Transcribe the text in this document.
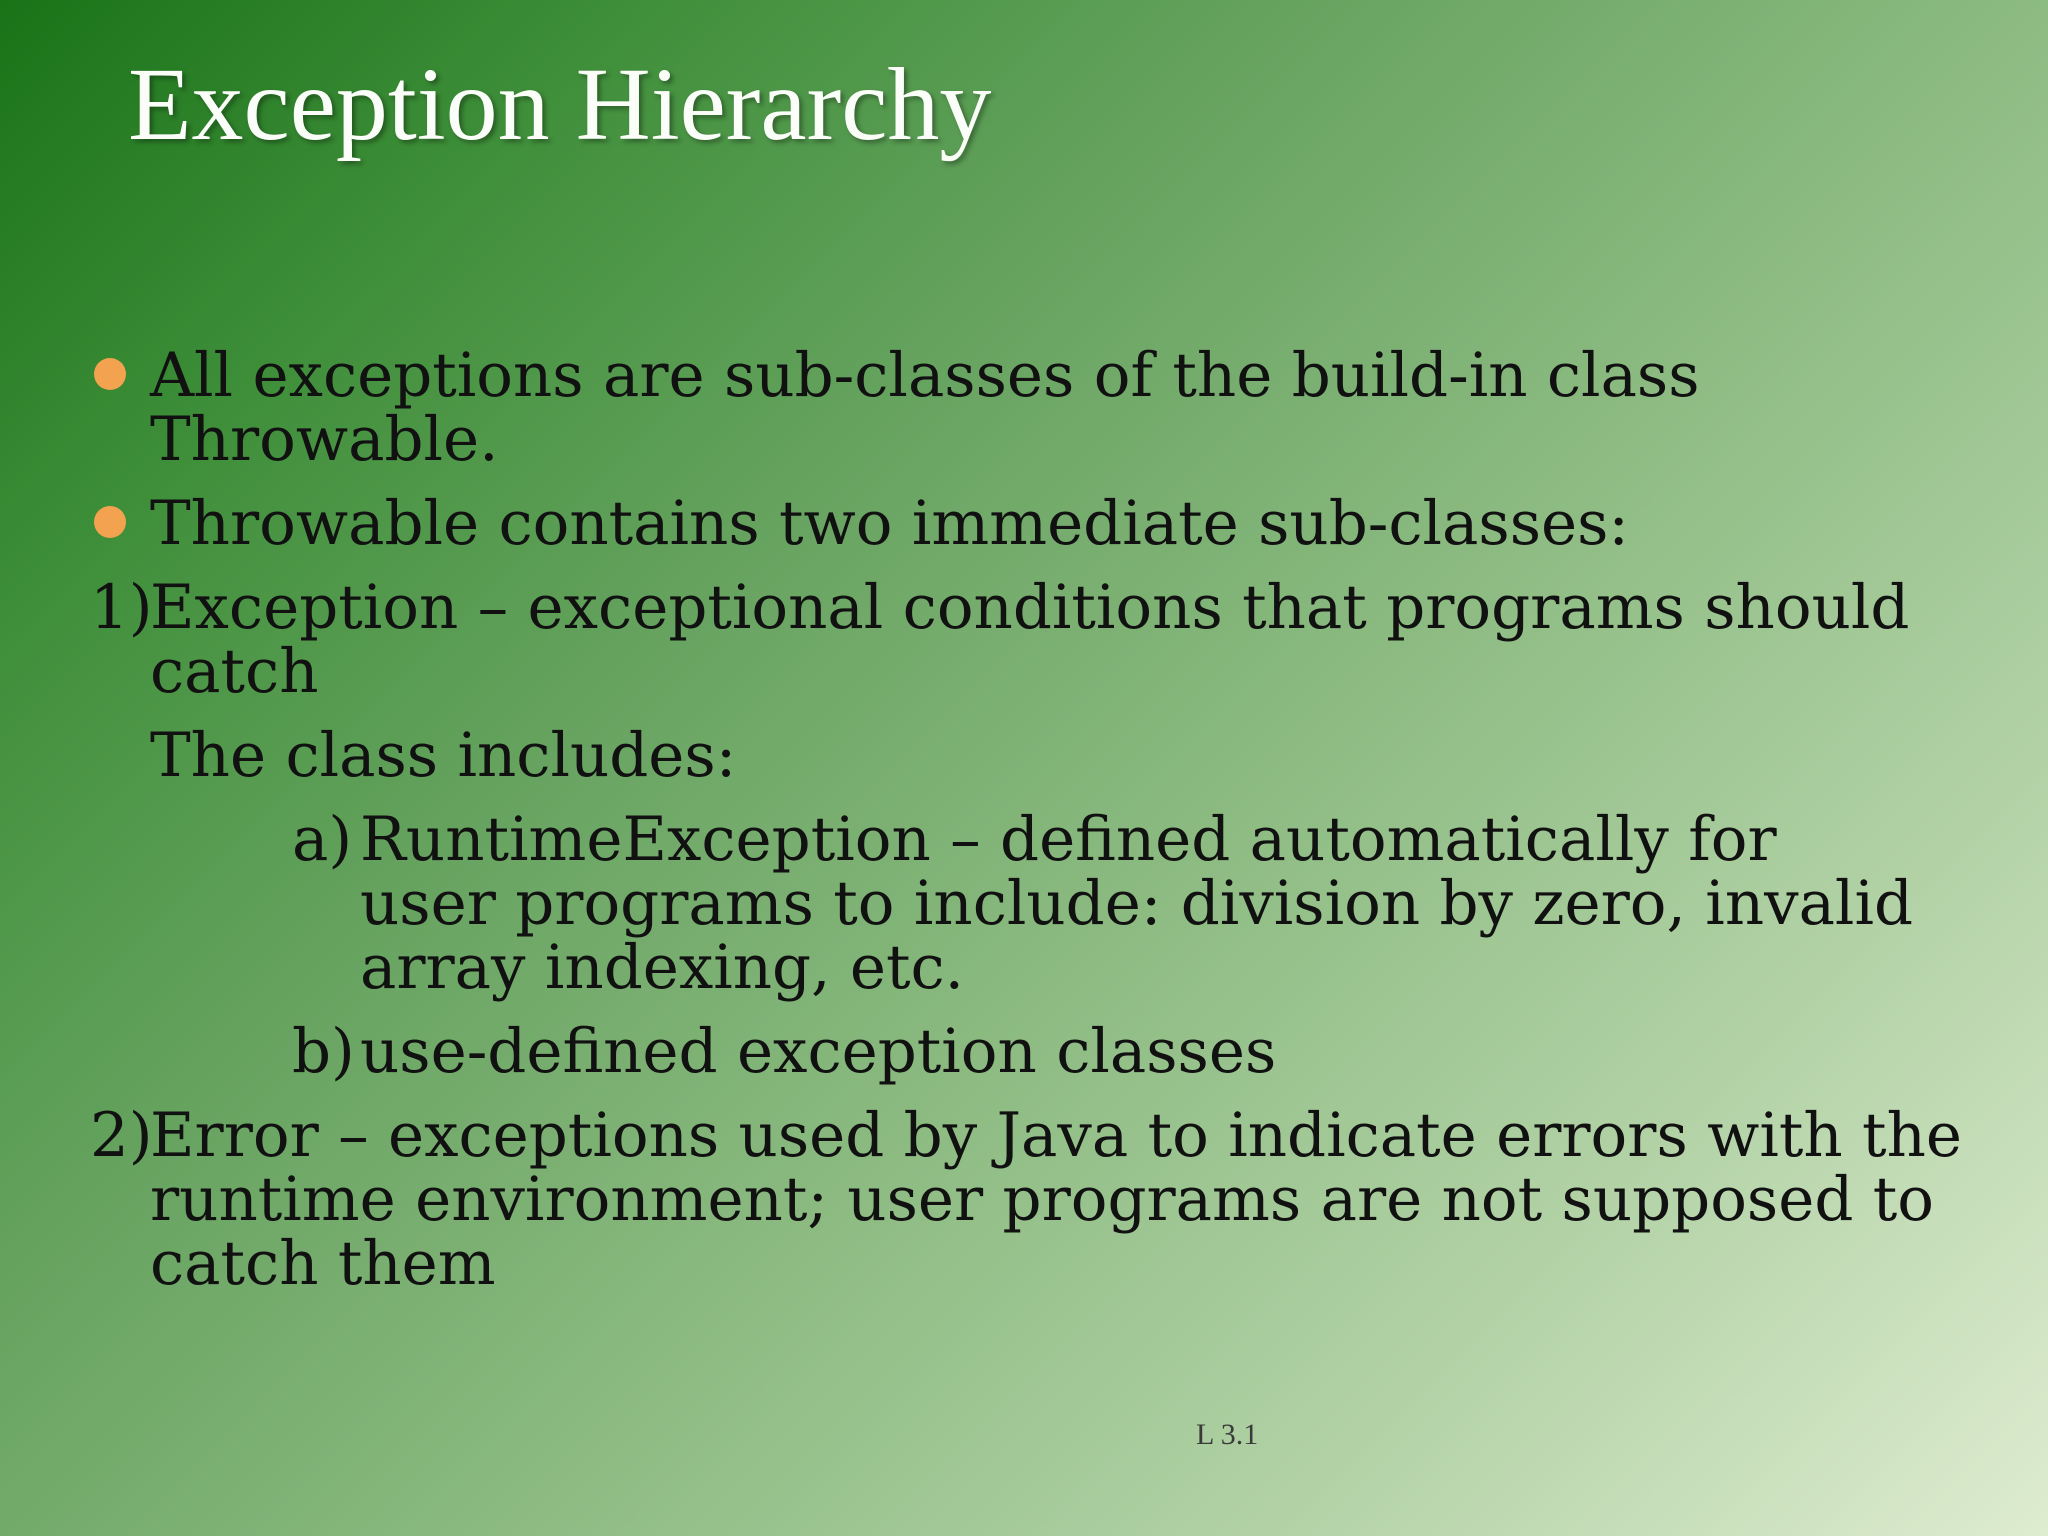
Exception Hierarchy
All exceptions are sub-classes of the build-in class
Throwable.
Throwable contains two immediate sub-classes:
1)
Exception – exceptional conditions that programs should
catch
The class includes:
a) RuntimeException – defined automatically for
user programs to include: division by zero, invalid
array indexing, etc.
b) use-defined exception classes
2)
Error – exceptions used by Java to indicate errors with the
runtime environment; user programs are not supposed to
catch them
L 3.1
